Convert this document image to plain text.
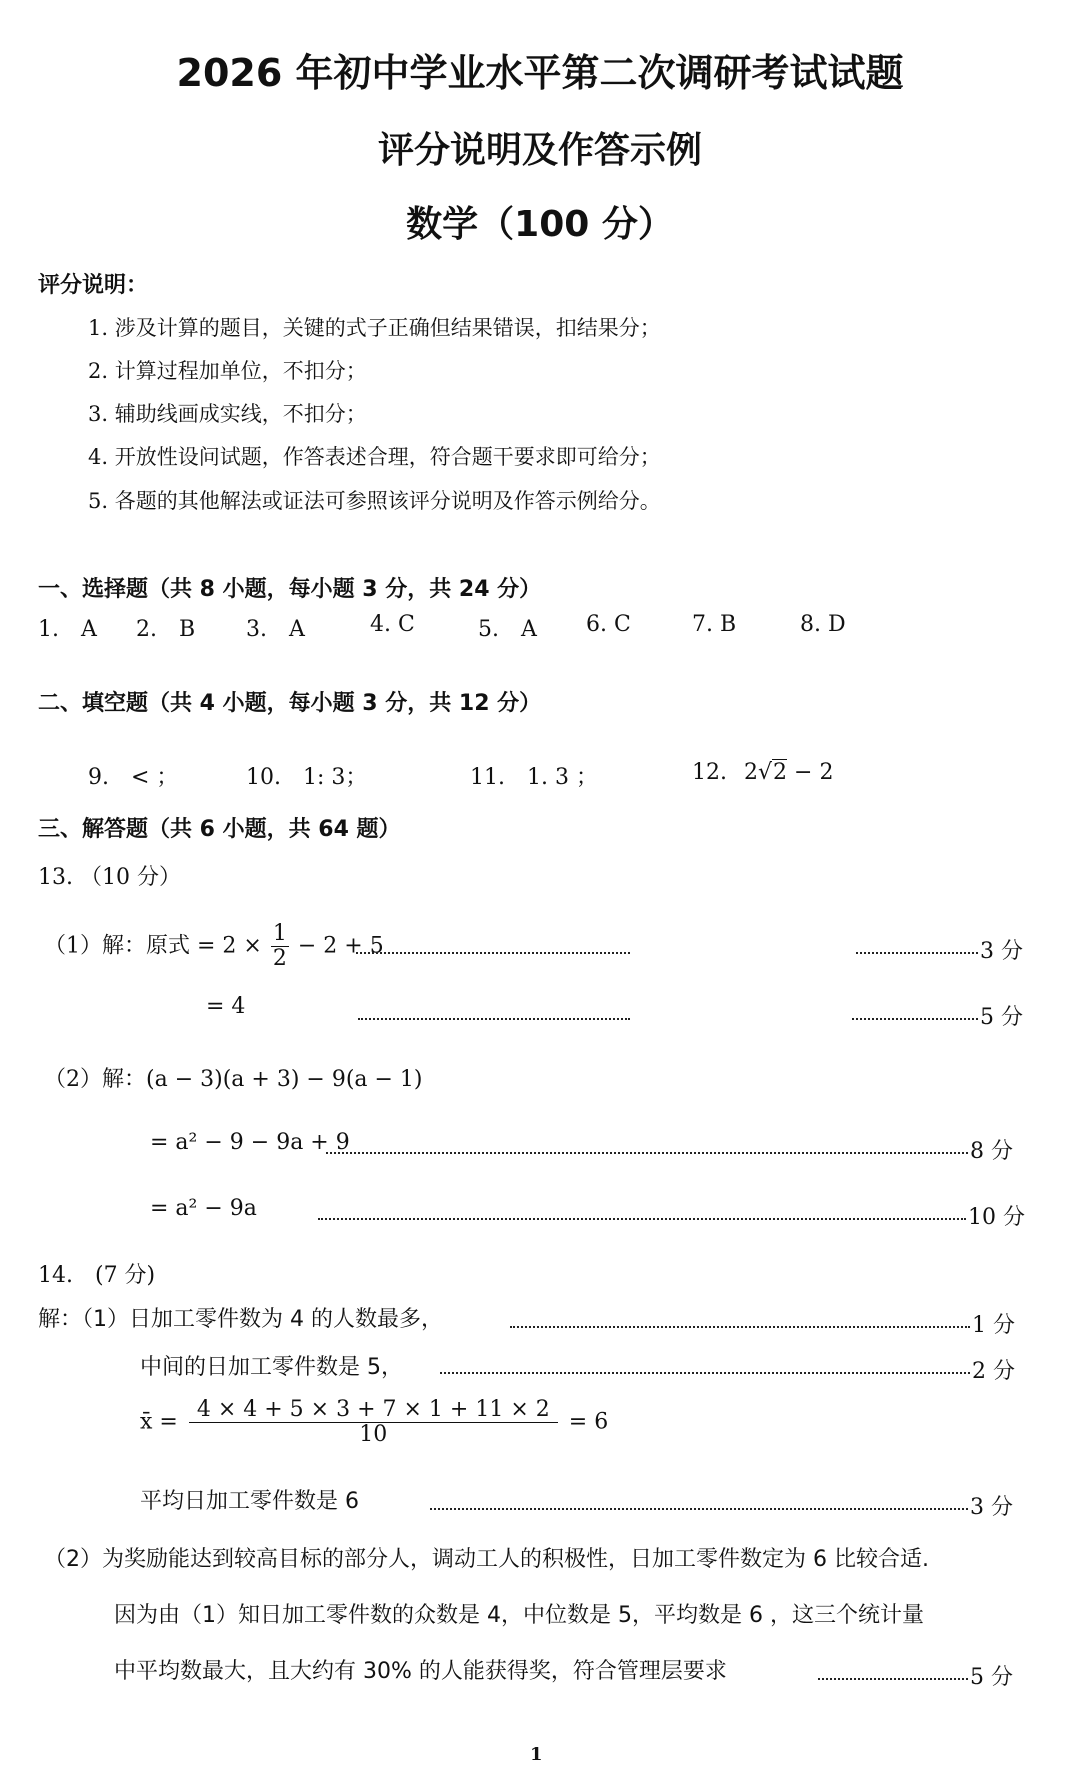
2026 年初中学业水平第二次调研考试试题
评分说明及作答示例
数学（100 分）
评分说明：
1. 涉及计算的题目，关键的式子正确但结果错误，扣结果分；
2. 计算过程加单位，不扣分；
3. 辅助线画成实线，不扣分；
4. 开放性设问试题，作答表述合理，符合题干要求即可给分；
5. 各题的其他解法或证法可参照该评分说明及作答示例给分。
一、选择题（共 8 小题，每小题 3 分，共 24 分）
1.　A 2.　B 3.　A	4. C	5.　A 6. C	7. B	8. D
二、填空题（共 4 小题，每小题 3 分，共 12 分）
9.　< ；	10.　1: 3；	11.　1. 3 ；	12. 2√2 − 2
三、解答题（共 6 小题，共 64 题）
13. （10 分）
（1）解：原式 = $2 \times \frac{1}{2} - 2 + 5$	3 分
= 4	5 分
（2）解：(a − 3)(a + 3) − 9(a − 1)
= a² − 9 − 9a + 9	8 分
= a² − 9a	10 分
14.　(7 分)
解：（1）日加工零件数为 4 的人数最多，	1 分
中间的日加工零件数是 5，	2 分
x̄ = $\frac{4 \times 4 + 5 \times 3 + 7 \times 1 + 11 \times 2}{10} = 6$
平均日加工零件数是 6	3 分
（2）为奖励能达到较高目标的部分人，调动工人的积极性，日加工零件数定为 6 比较合适.
因为由（1）知日加工零件数的众数是 4，中位数是 5，平均数是 6 ，这三个统计量
中平均数最大，且大约有 30% 的人能获得奖，符合管理层要求	5 分
1
